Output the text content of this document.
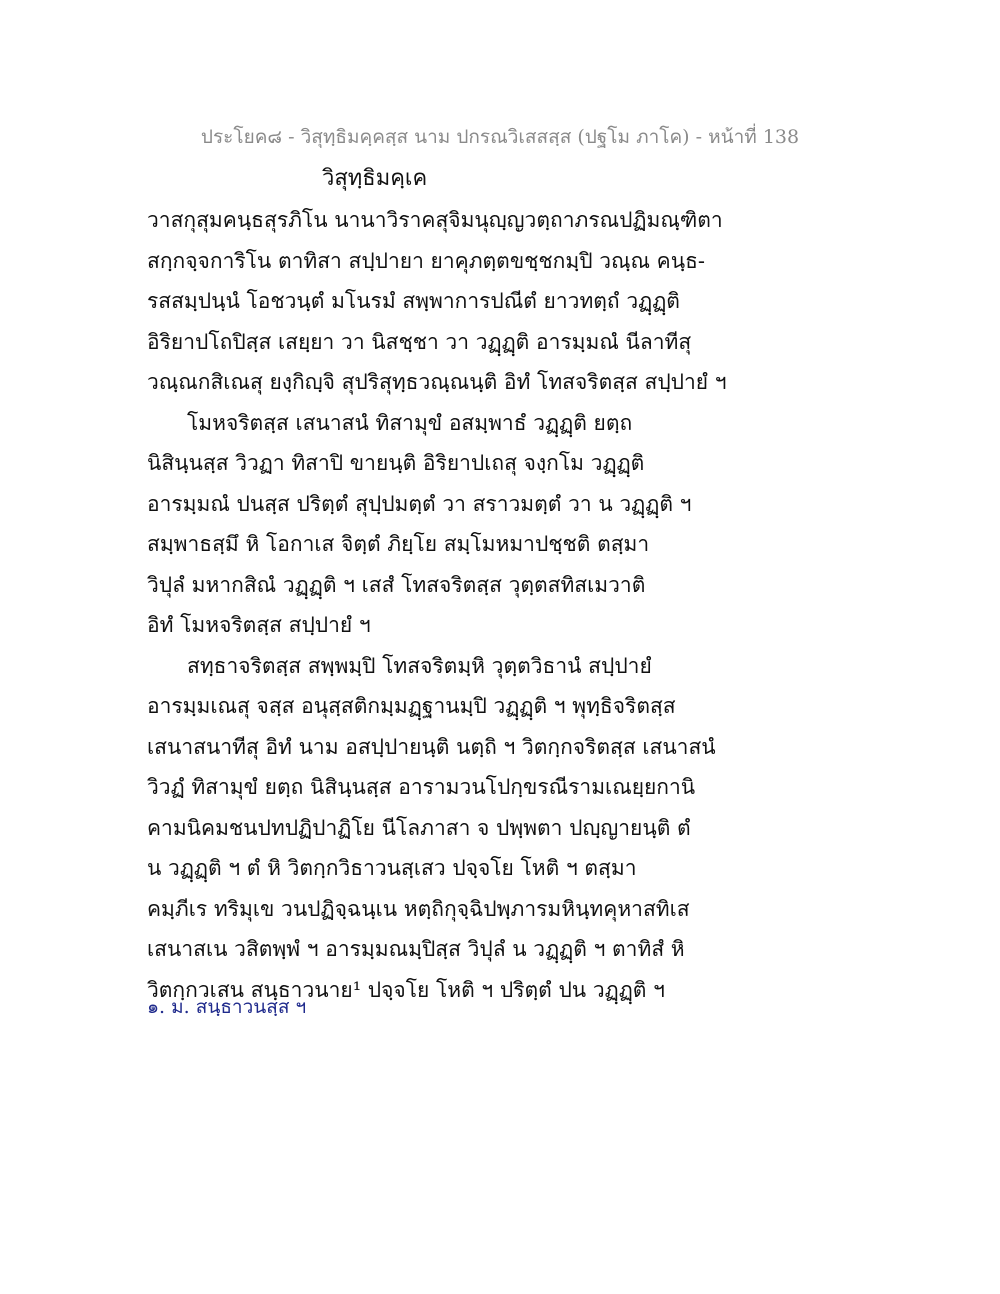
ประโยค๘ - วิสุทฺธิมคฺคสฺส นาม ปกรณวิเสสสฺส (ปฐโม ภาโค) - หน้าที่ 138
วิสุทฺธิมคฺเค
วาสกุสุมคนฺธสุรภิโน นานาวิราคสุจิมนุญฺญวตฺถาภรณปฏิมณฺฑิตา
สกฺกจฺจการิโน ตาทิสา สปฺปายา ยาคุภตฺตขชฺชกมฺปิ วณฺณ คนฺธ-
รสสมฺปนฺนํ โอชวนฺตํ มโนรมํ สพฺพาการปณีตํ ยาวทตฺถํ วฏฺฏฺติ
อิริยาปโถปิสฺส เสยฺยา วา นิสชฺชา วา วฏฺฏฺติ อารมฺมณํ นีลาทีสุ
วณฺณกสิเณสุ ยงฺกิญฺจิ สุปริสุทฺธวณฺณนฺติ อิทํ โทสจริตสฺส สปฺปายํ ฯ
โมหจริตสฺส เสนาสนํ ทิสามุขํ อสมฺพาธํ วฏฺฏฺติ ยตฺถ
นิสินฺนสฺส วิวฏา ทิสาปิ ขายนฺติ อิริยาปเถสุ จงฺกโม วฏฺฏฺติ
อารมฺมณํ ปนสฺส ปริตฺตํ สุปฺปมตฺตํ วา สราวมตฺตํ วา น วฏฺฏฺติ ฯ
สมฺพาธสฺมึ หิ โอกาเส จิตฺตํ ภิยฺโย สมฺโมหมาปชฺชติ ตสฺมา
วิปุลํ มหากสิณํ วฏฺฏฺติ ฯ เสสํ โทสจริตสฺส วุตฺตสทิสเมวาติ
อิทํ โมหจริตสฺส สปฺปายํ ฯ
สทฺธาจริตสฺส สพฺพมฺปิ โทสจริตมฺหิ วุตฺตวิธานํ สปฺปายํ
อารมฺมเณสุ จสฺส อนุสฺสติกมฺมฏฺฐานมฺปิ วฏฺฏฺติ ฯ พุทฺธิจริตสฺส
เสนาสนาทีสุ อิทํ นาม อสปฺปายนฺติ นตฺถิ ฯ วิตกฺกจริตสฺส เสนาสนํ
วิวฏํ ทิสามุขํ ยตฺถ นิสินฺนสฺส อารามวนโปกฺขรณีรามเณยฺยกานิ
คามนิคมชนปทปฏิปาฏิโย นีโลภาสา จ ปพฺพตา ปญฺญายนฺติ ตํ
น วฏฺฏฺติ ฯ ตํ หิ วิตกฺกวิธาวนสฺเสว ปจฺจโย โหติ ฯ ตสฺมา
คมฺภีเร ทริมุเข วนปฏิจฺฉนฺเน หตฺถิกุจฺฉิปพฺภารมหินฺทคุหาสทิเส
เสนาสเน วสิตพฺพํ ฯ อารมฺมณมฺปิสฺส วิปุลํ น วฏฺฏฺติ ฯ ตาทิสํ หิ
วิตกฺกวเสน สนฺธาวนาย¹ ปจฺจโย โหติ ฯ ปริตฺตํ ปน วฏฺฏฺติ ฯ
๑. ม. สนฺธาวนสฺส ฯ
